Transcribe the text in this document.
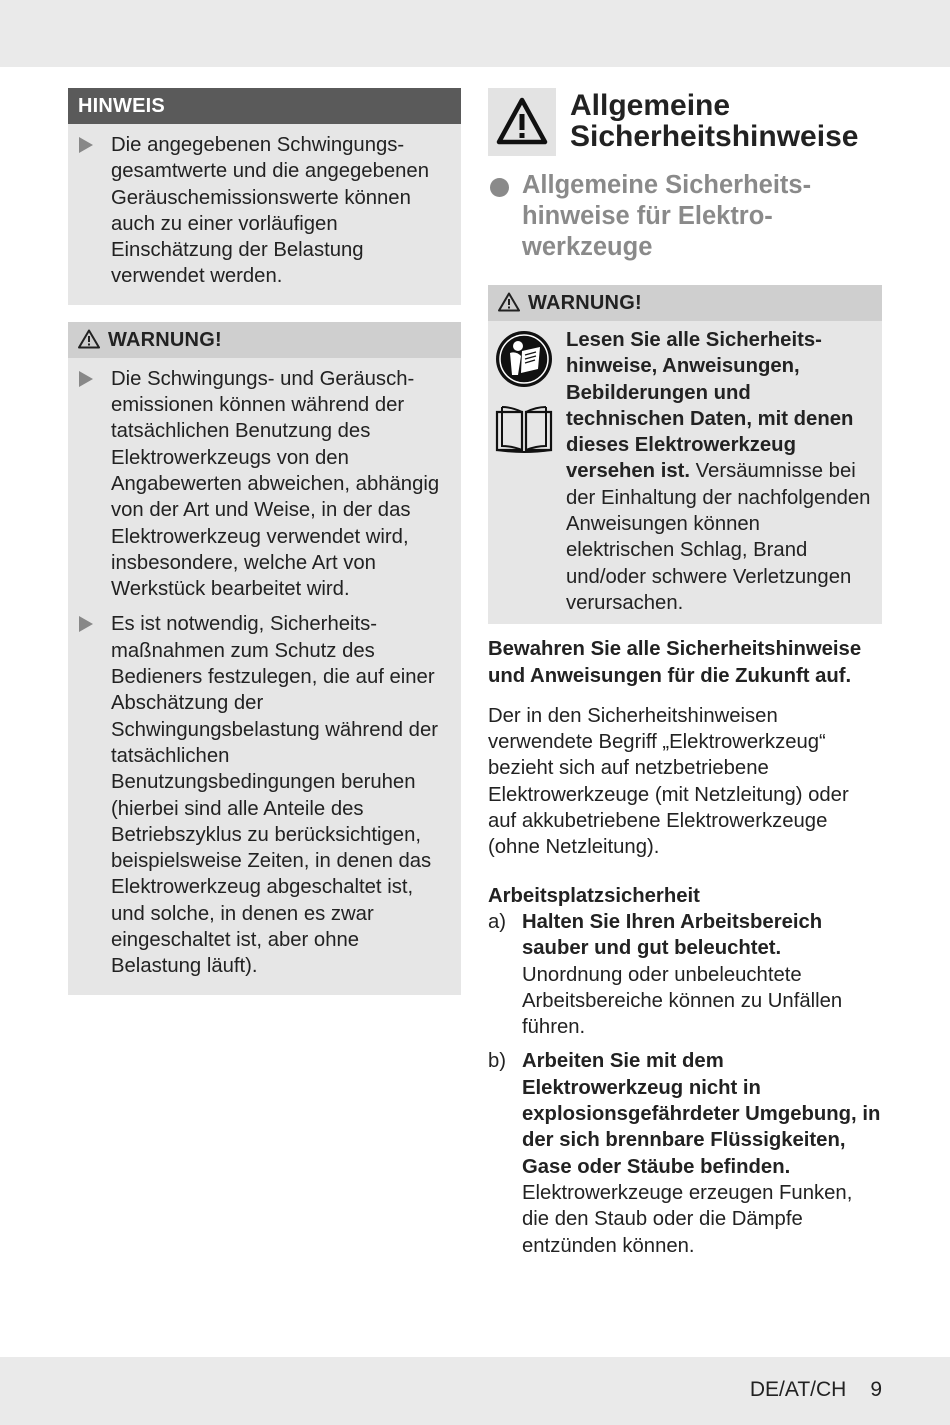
HINWEIS
Die angegebenen Schwingungs-gesamtwerte und die angegebenen Geräuschemissionswerte können auch zu einer vorläufigen Einschätzung der Belastung verwendet werden.
WARNUNG!
Die Schwingungs- und Geräusch-emissionen können während der tatsächlichen Benutzung des Elektrowerkzeugs von den Angabewerten abweichen, abhängig von der Art und Weise, in der das Elektrowerkzeug verwendet wird, insbesondere, welche Art von Werkstück bearbeitet wird.
Es ist notwendig, Sicherheits-maßnahmen zum Schutz des Bedieners festzulegen, die auf einer Abschätzung der Schwingungsbelastung während der tatsächlichen Benutzungsbedingungen beruhen (hierbei sind alle Anteile des Betriebszyklus zu berücksichtigen, beispielsweise Zeiten, in denen das Elektrowerkzeug abgeschaltet ist, und solche, in denen es zwar eingeschaltet ist, aber ohne Belastung läuft).
Allgemeine
Sicherheitshinweise
Allgemeine Sicherheits-
hinweise für Elektro-
werkzeuge
WARNUNG!

Lesen Sie alle Sicherheits-hinweise, Anweisungen, Bebilderungen und technischen Daten, mit denen dieses Elektrowerkzeug versehen ist. Versäumnisse bei der Einhaltung der nachfolgenden Anweisungen können elektrischen Schlag, Brand und/oder schwere Verletzungen verursachen.

Bewahren Sie alle Sicherheitshinweise und Anweisungen für die Zukunft auf.

Der in den Sicherheitshinweisen verwendete Begriff „Elektrowerkzeug“ bezieht sich auf netzbetriebene Elektrowerkzeuge (mit Netzleitung) oder auf akkubetriebene Elektrowerkzeuge (ohne Netzleitung).

Arbeitsplatzsicherheit

a) Halten Sie Ihren Arbeitsbereich sauber und gut beleuchtet. Unordnung oder unbeleuchtete Arbeitsbereiche können zu Unfällen führen.
b) Arbeiten Sie mit dem Elektrowerkzeug nicht in explosionsgefährdeter Umgebung, in der sich brennbare Flüssigkeiten, Gase oder Stäube befinden. Elektrowerkzeuge erzeugen Funken, die den Staub oder die Dämpfe entzünden können.
DE/AT/CH 9
